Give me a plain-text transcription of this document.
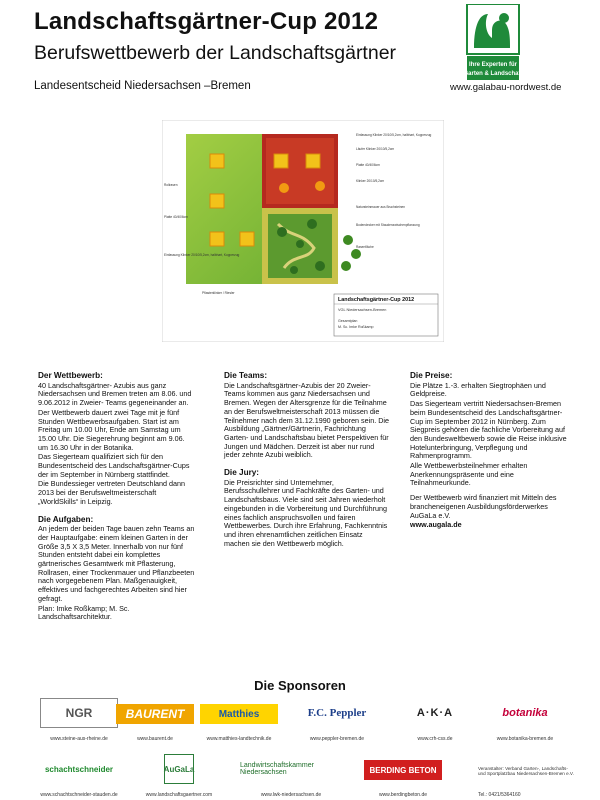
Landschaftsgärtner-Cup 2012
Berufswettbewerb der Landschaftsgärtner
Landesentscheid Niedersachsen –Bremen
Ihre Experten für
Garten & Landschaft
www.galabau-nordwest.de
Einfassung Klinker 20/10/5,2cm, halbhart, Kopperzug
Läufer Klinker 20/10/5,2cm
Platte 40/40/6cm
Klinker 20/10/5,2cm
Natursteinmauer aus Bruchsteinen
Bodendecker mit Staudenzwischenpflanzung
Rasenfläche
Rollrasen
Platte 40/40/6cm
Einfassung Klinker 20/10/5,2cm, halbhart, Kopperzug
Pflasterklinker / Riesler
Landschaftsgärtner-Cup 2012
VGL Niedersachsen-Bremen
Gesamtplan
M. Sc. Imke Roßkamp
Der Wettbewerb:

40 Landschaftsgärtner- Azubis aus ganz Niedersachsen und Bremen treten am 8.06. und 9.06.2012 in Zweier- Teams gegeneinander an.

Der Wettbewerb dauert zwei Tage mit je fünf Stunden Wettbewerbsaufgaben. Start ist am Freitag um 10.00 Uhr, Ende am Samstag um 15.00 Uhr. Die Siegerehrung beginnt am 9.06. um 16.30 Uhr in der Botanika.

Das Siegerteam qualifiziert sich für den Bundesentscheid des Landschaftsgärtner-Cups der im September in Nürnberg stattfindet.

Die Bundessieger vertreten Deutschland dann 2013 bei der Berufsweltmeisterschaft „WorldSkills“ in Leipzig.

Die Aufgaben:

An jedem der beiden Tage bauen zehn Teams an der Hauptaufgabe: einem kleinen Garten in der Größe 3,5 X 3,5 Meter. Innerhalb von nur fünf Stunden entsteht dabei ein komplettes gärtnerisches Gesamtwerk mit Pflasterung, Rollrasen, einer Trockenmauer und Pflanzbeeten nach vorgegebenem Plan. Maßgenauigkeit, effektives und fachgerechtes Arbeiten sind hier gefragt.

Plan: Imke Roßkamp; M. Sc. Landschaftsarchitektur.

Die Teams:

Die Landschaftsgärtner-Azubis der 20 Zweier-Teams kommen aus ganz Niedersachsen und Bremen. Wegen der Altersgrenze für die Teilnahme an der Berufsweltmeisterschaft 2013 müssen die Teilnehmer nach dem 31.12.1990 geboren sein. Die Ausbildung „Gärtner/Gärtnerin, Fachrichtung Garten- und Landschaftsbau bietet Perspektiven für Jungen und Mädchen. Derzeit ist aber nur rund jeder zehnte Azubi weiblich.

Die Jury:

Die Preisrichter sind Unternehmer, Berufsschullehrer und Fachkräfte des Garten- und Landschaftsbaus. Viele sind seit Jahren wiederholt eingebunden in die Vorbereitung und Durchführung eines fachlich anspruchsvollen und fairen Wettbewerbes. Durch ihre Erfahrung, Fachkenntnis und ihren ehrenamtlichen zeitlichen Einsatz machen sie den Wettbewerb möglich.

Die Preise:

Die Plätze 1.-3. erhalten Siegtrophäen und Geldpreise.

Das Siegerteam vertritt Niedersachsen-Bremen beim Bundesentscheid des Landschaftsgärtner-Cup im September 2012 in Nürnberg. Zum Siegpreis gehören die fachliche Vorbereitung auf den Bundesweltbewerb sowie die Reise inklusive Hotelunterbringung, Verpflegung und Rahmenprogramm.

Alle Wettbewerbsteilnehmer erhalten Anerkennungspräsente und eine Teilnahmeurkunde.

Der Wettbewerb wird finanziert mit Mitteln des brancheneigenen Ausbildungsförderwerkes AuGaLa e.V.

www.augala.de

Die Sponsoren
NGR
www.steine-aus-rheine.de
BAURENT
www.baurent.de
Matthies
www.matthies-landtechnik.de
F.C. Peppler
www.peppler-bremen.de
A·K·A
www.crh-css.de
botanika
www.botanika-bremen.de
schachtschneider
www.schachtschneider-stauden.de
AuGaLa
www.landschaftsgaertner.com
Landwirtschaftskammer Niedersachsen
www.lwk-niedersachsen.de
BERDING BETON
www.berdingbeton.de
Veranstalter: Verband Garten-, Landschafts- und Sportplatzbau Niedersachsen-Bremen e.V.
Tel.: 0421/5364160
